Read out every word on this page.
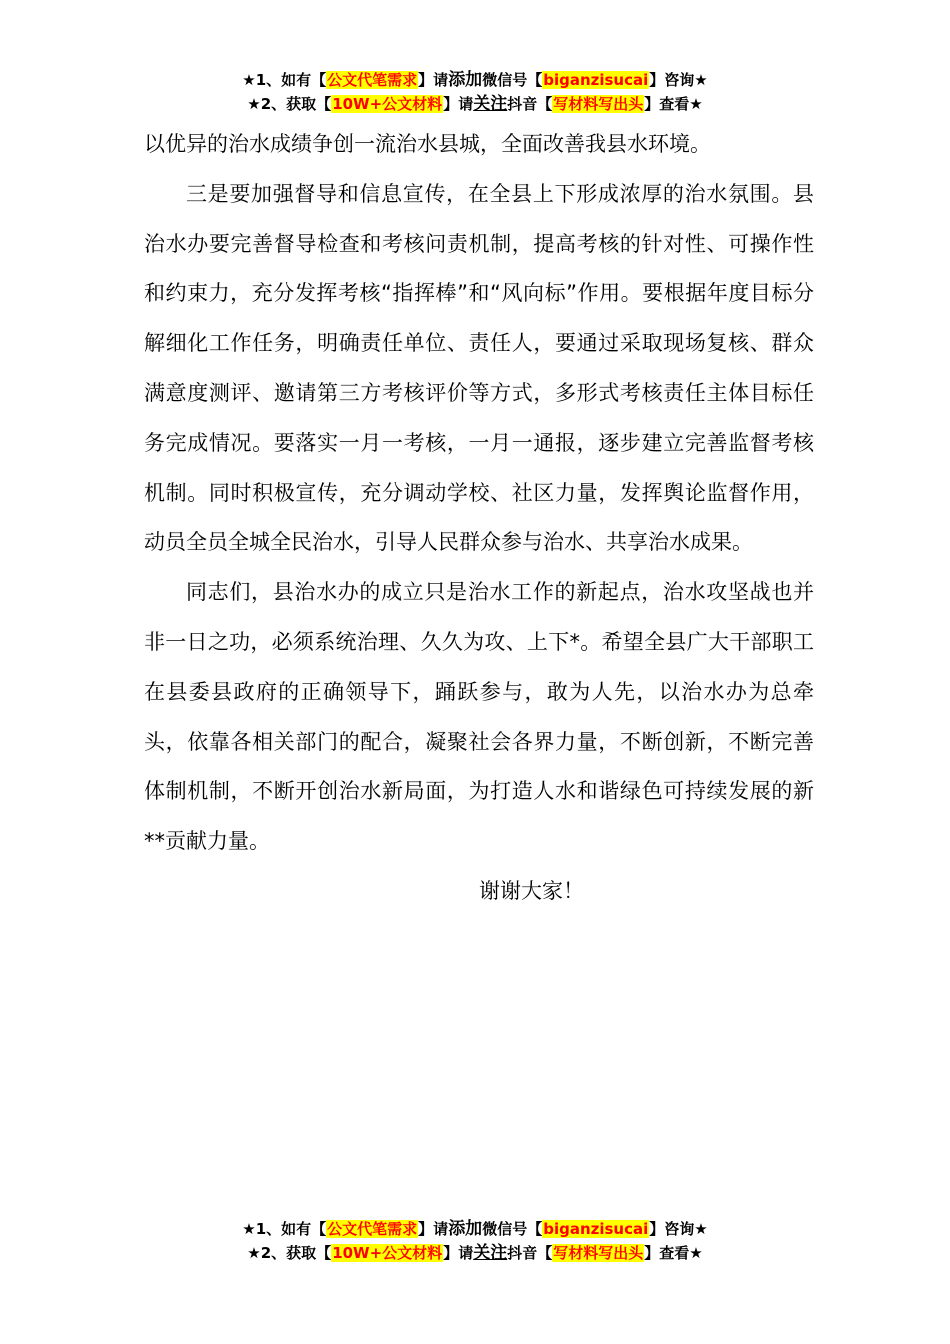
★1、如有【公文代笔需求】请添加微信号【biganzisucai】咨询★
★2、获取【10W+公文材料】请关注抖音【写材料写出头】查看★

以优异的治水成绩争创一流治水县城，全面改善我县水环境。

三是要加强督导和信息宣传，在全县上下形成浓厚的治水氛围。县治水办要完善督导检查和考核问责机制，提高考核的针对性、可操作性和约束力，充分发挥考核“指挥棒”和“风向标”作用。要根据年度目标分解细化工作任务，明确责任单位、责任人，要通过采取现场复核、群众满意度测评、邀请第三方考核评价等方式，多形式考核责任主体目标任务完成情况。要落实一月一考核，一月一通报，逐步建立完善监督考核机制。同时积极宣传，充分调动学校、社区力量，发挥舆论监督作用，动员全员全城全民治水，引导人民群众参与治水、共享治水成果。

同志们，县治水办的成立只是治水工作的新起点，治水攻坚战也并非一日之功，必须系统治理、久久为攻、上下*。希望全县广大干部职工在县委县政府的正确领导下，踊跃参与，敢为人先，以治水办为总牵头，依靠各相关部门的配合，凝聚社会各界力量，不断创新，不断完善体制机制，不断开创治水新局面，为打造人水和谐绿色可持续发展的新**贡献力量。

谢谢大家！

★1、如有【公文代笔需求】请添加微信号【biganzisucai】咨询★
★2、获取【10W+公文材料】请关注抖音【写材料写出头】查看★
